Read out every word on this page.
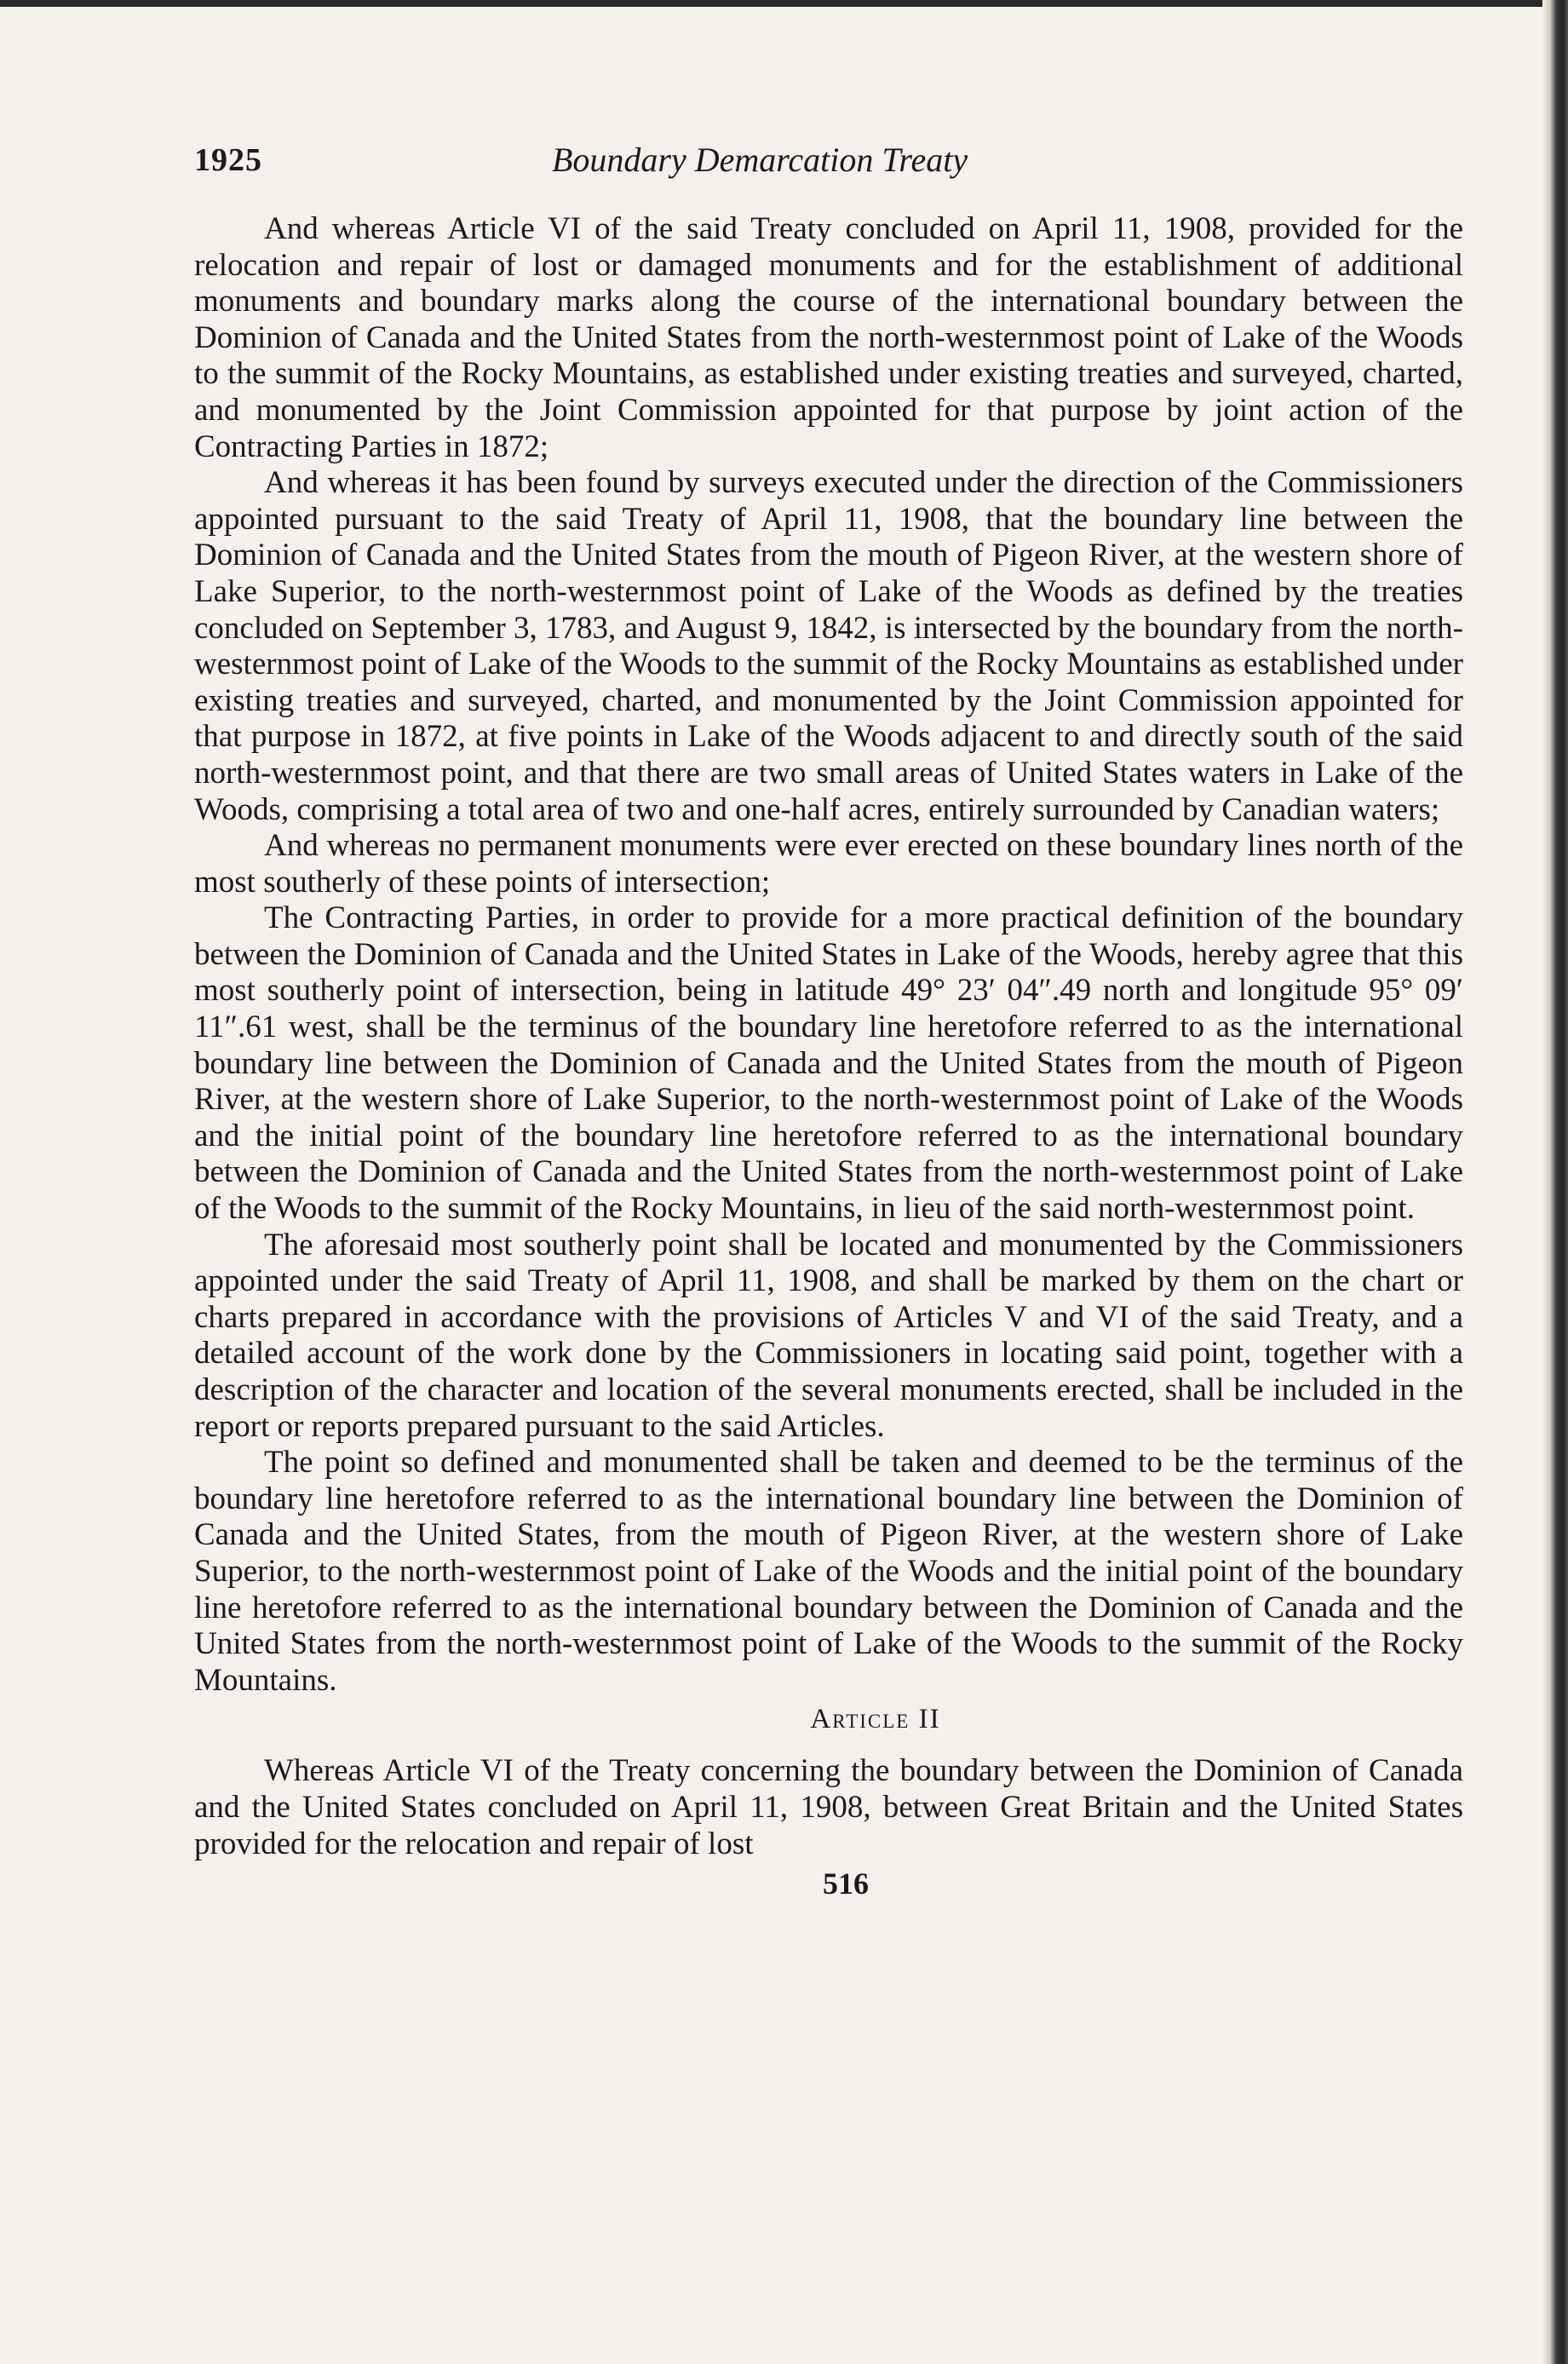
1925	Boundary Demarcation Treaty

And whereas Article VI of the said Treaty concluded on April 11, 1908, provided for the relocation and repair of lost or damaged monuments and for the establishment of additional monuments and boundary marks along the course of the international boundary between the Dominion of Canada and the United States from the north-westernmost point of Lake of the Woods to the summit of the Rocky Mountains, as established under existing treaties and surveyed, charted, and monumented by the Joint Commission appointed for that purpose by joint action of the Contracting Parties in 1872;

And whereas it has been found by surveys executed under the direction of the Commissioners appointed pursuant to the said Treaty of April 11, 1908, that the boundary line between the Dominion of Canada and the United States from the mouth of Pigeon River, at the western shore of Lake Superior, to the north-westernmost point of Lake of the Woods as defined by the treaties concluded on September 3, 1783, and August 9, 1842, is intersected by the boundary from the north-westernmost point of Lake of the Woods to the summit of the Rocky Mountains as established under existing treaties and surveyed, charted, and monumented by the Joint Commission appointed for that purpose in 1872, at five points in Lake of the Woods adjacent to and directly south of the said north-westernmost point, and that there are two small areas of United States waters in Lake of the Woods, comprising a total area of two and one-half acres, entirely surrounded by Canadian waters;

And whereas no permanent monuments were ever erected on these boundary lines north of the most southerly of these points of intersection;

The Contracting Parties, in order to provide for a more practical definition of the boundary between the Dominion of Canada and the United States in Lake of the Woods, hereby agree that this most southerly point of intersection, being in latitude 49° 23′ 04″.49 north and longitude 95° 09′ 11″.61 west, shall be the terminus of the boundary line heretofore referred to as the international boundary line between the Dominion of Canada and the United States from the mouth of Pigeon River, at the western shore of Lake Superior, to the north-westernmost point of Lake of the Woods and the initial point of the boundary line heretofore referred to as the international boundary between the Dominion of Canada and the United States from the north-westernmost point of Lake of the Woods to the summit of the Rocky Mountains, in lieu of the said north-westernmost point.

The aforesaid most southerly point shall be located and monumented by the Commissioners appointed under the said Treaty of April 11, 1908, and shall be marked by them on the chart or charts prepared in accordance with the provisions of Articles V and VI of the said Treaty, and a detailed account of the work done by the Commissioners in locating said point, together with a description of the character and location of the several monuments erected, shall be included in the report or reports prepared pursuant to the said Articles.

The point so defined and monumented shall be taken and deemed to be the terminus of the boundary line heretofore referred to as the international boundary line between the Dominion of Canada and the United States, from the mouth of Pigeon River, at the western shore of Lake Superior, to the north-westernmost point of Lake of the Woods and the initial point of the boundary line heretofore referred to as the international boundary between the Dominion of Canada and the United States from the north-westernmost point of Lake of the Woods to the summit of the Rocky Mountains.

Article II

Whereas Article VI of the Treaty concerning the boundary between the Dominion of Canada and the United States concluded on April 11, 1908, between Great Britain and the United States provided for the relocation and repair of lost

516
